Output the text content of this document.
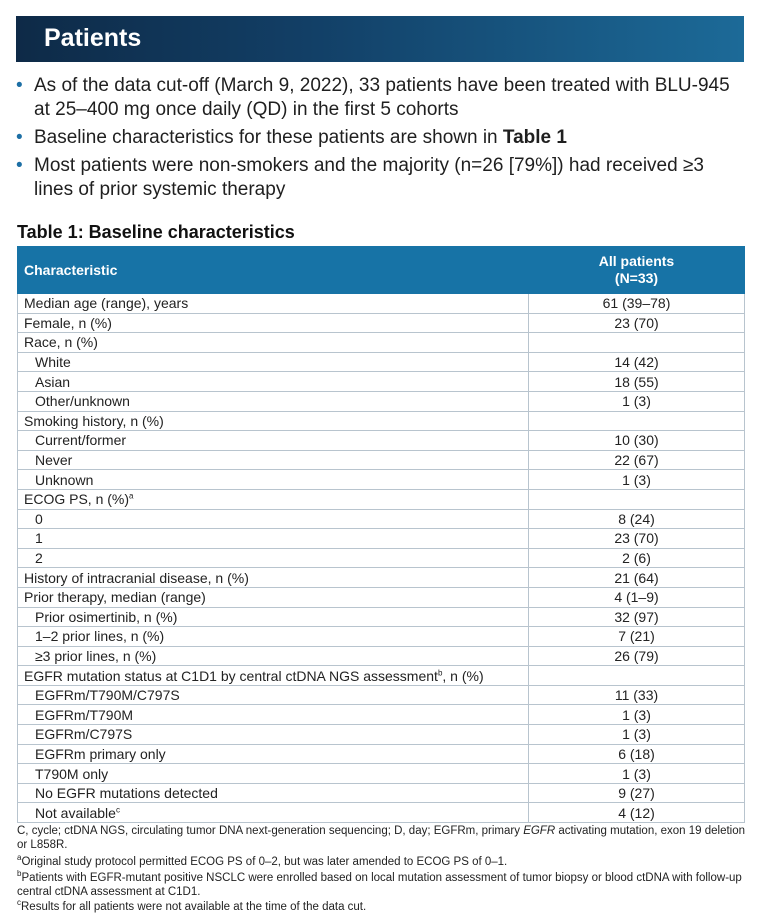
Patients
• As of the data cut-off (March 9, 2022), 33 patients have been treated with BLU-945 at 25–400 mg once daily (QD) in the first 5 cohorts
• Baseline characteristics for these patients are shown in Table 1
• Most patients were non-smokers and the majority (n=26 [79%]) had received ≥3 lines of prior systemic therapy
Table 1: Baseline characteristics
Characteristic	All patients
(N=33)
Median age (range), years	61 (39–78)
Female, n (%)	23 (70)
Race, n (%)	
White	14 (42)
Asian	18 (55)
Other/unknown	1 (3)
Smoking history, n (%)	
Current/former	10 (30)
Never	22 (67)
Unknown	1 (3)
ECOG PS, n (%)$^a$	
0	8 (24)
1	23 (70)
2	2 (6)
History of intracranial disease, n (%)	21 (64)
Prior therapy, median (range)	4 (1–9)
Prior osimertinib, n (%)	32 (97)
1–2 prior lines, n (%)	7 (21)
≥3 prior lines, n (%)	26 (79)
EGFR mutation status at C1D1 by central ctDNA NGS assessment$^b$, n (%)	
EGFRm/T790M/C797S	11 (33)
EGFRm/T790M	1 (3)
EGFRm/C797S	1 (3)
EGFRm primary only	6 (18)
T790M only	1 (3)
No EGFR mutations detected	9 (27)
Not available$^c$	4 (12)

C, cycle; ctDNA NGS, circulating tumor DNA next-generation sequencing; D, day; EGFRm, primary EGFR activating mutation, exon 19 deletion or L858R.

$^a$Original study protocol permitted ECOG PS of 0–2, but was later amended to ECOG PS of 0–1.

$^b$Patients with EGFR-mutant positive NSCLC were enrolled based on local mutation assessment of tumor biopsy or blood ctDNA with follow-up central ctDNA assessment at C1D1.

$^c$Results for all patients were not available at the time of the data cut.
